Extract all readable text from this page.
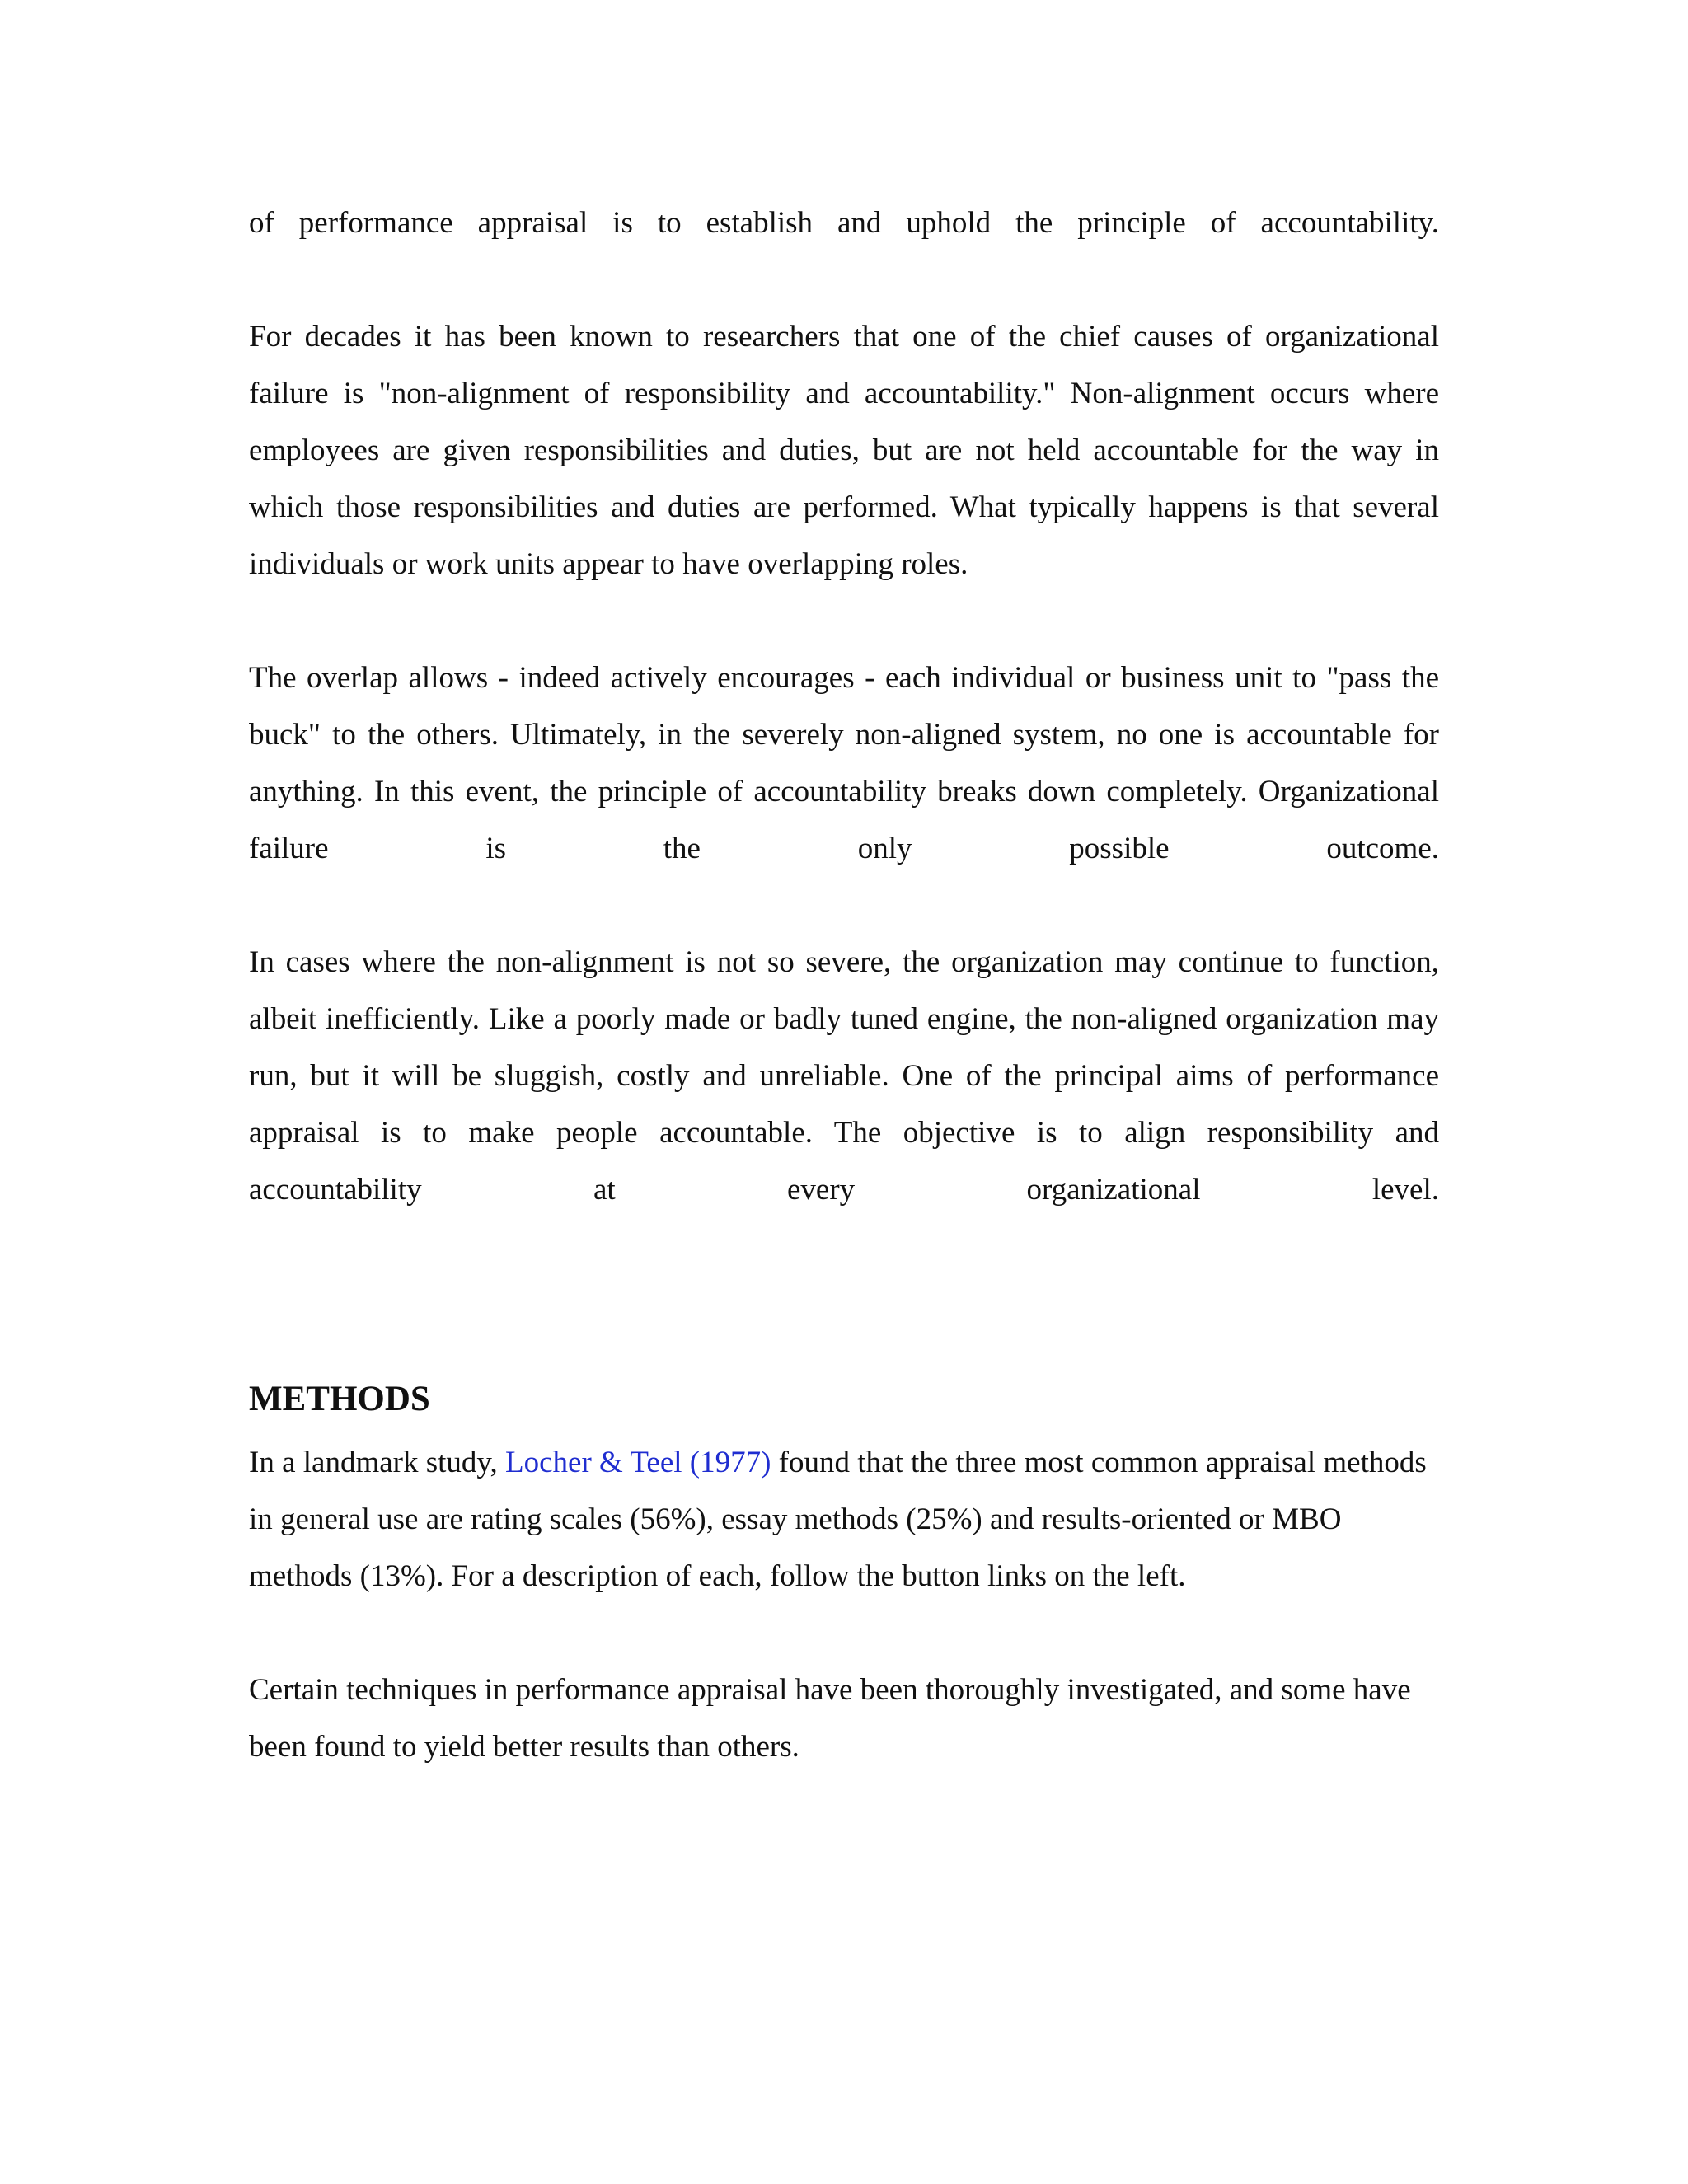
of performance appraisal is to establish and uphold the principle of accountability.

For decades it has been known to researchers that one of the chief causes of organizational failure is "non-alignment of responsibility and accountability." Non-alignment occurs where employees are given responsibilities and duties, but are not held accountable for the way in which those responsibilities and duties are performed. What typically happens is that several individuals or work units appear to have overlapping roles.

The overlap allows - indeed actively encourages - each individual or business unit to "pass the buck" to the others. Ultimately, in the severely non-aligned system, no one is accountable for anything. In this event, the principle of accountability breaks down completely. Organizational failure is the only possible outcome.

In cases where the non-alignment is not so severe, the organization may continue to function, albeit inefficiently. Like a poorly made or badly tuned engine, the non-aligned organization may run, but it will be sluggish, costly and unreliable. One of the principal aims of performance appraisal is to make people accountable. The objective is to align responsibility and accountability at every organizational level.

METHODS

In a landmark study, Locher & Teel (1977) found that the three most common appraisal methods in general use are rating scales (56%), essay methods (25%) and results-oriented or MBO methods (13%). For a description of each, follow the button links on the left.

Certain techniques in performance appraisal have been thoroughly investigated, and some have been found to yield better results than others.
